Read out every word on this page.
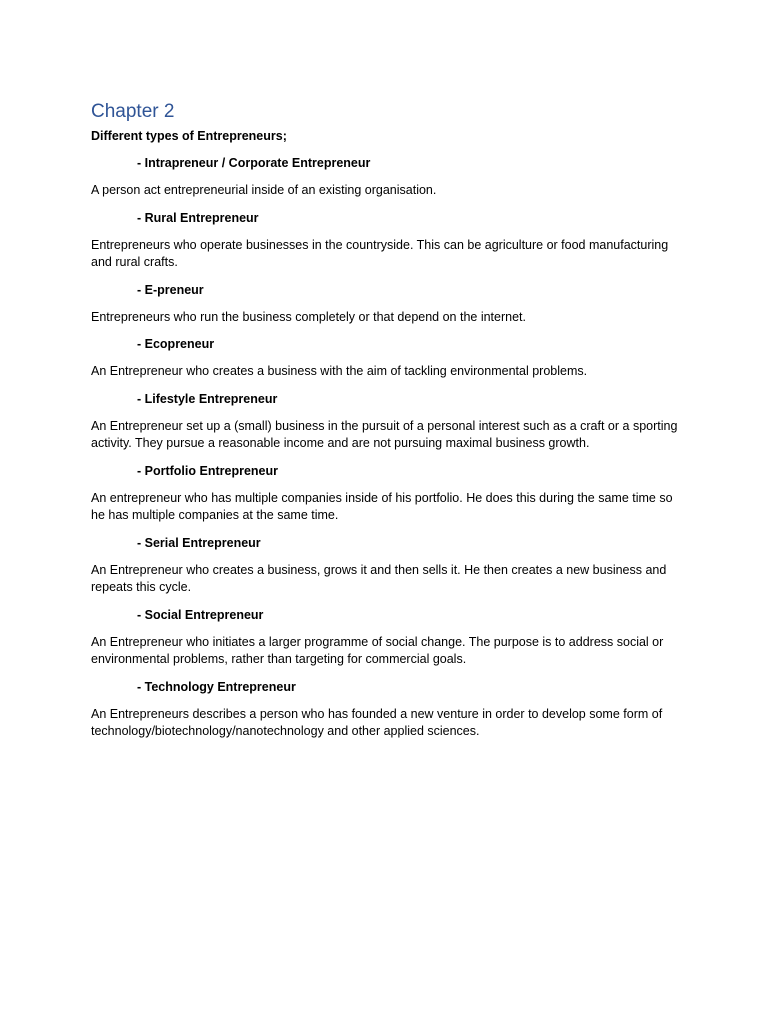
Chapter 2

Different types of Entrepreneurs;

- Intrapreneur / Corporate Entrepreneur

A person act entrepreneurial inside of an existing organisation.

- Rural Entrepreneur

Entrepreneurs who operate businesses in the countryside. This can be agriculture or food manufacturing and rural crafts.

- E-preneur

Entrepreneurs who run the business completely or that depend on the internet.

- Ecopreneur

An Entrepreneur who creates a business with the aim of tackling environmental problems.

- Lifestyle Entrepreneur

An Entrepreneur set up a (small) business in the pursuit of a personal interest such as a craft or a sporting activity. They pursue a reasonable income and are not pursuing maximal business growth.

- Portfolio Entrepreneur

An entrepreneur who has multiple companies inside of his portfolio. He does this during the same time so he has multiple companies at the same time.

- Serial Entrepreneur

An Entrepreneur who creates a business, grows it and then sells it. He then creates a new business and repeats this cycle.

- Social Entrepreneur

An Entrepreneur who initiates a larger programme of social change. The purpose is to address social or environmental problems, rather than targeting for commercial goals.

- Technology Entrepreneur

An Entrepreneurs describes a person who has founded a new venture in order to develop some form of technology/biotechnology/nanotechnology and other applied sciences.
